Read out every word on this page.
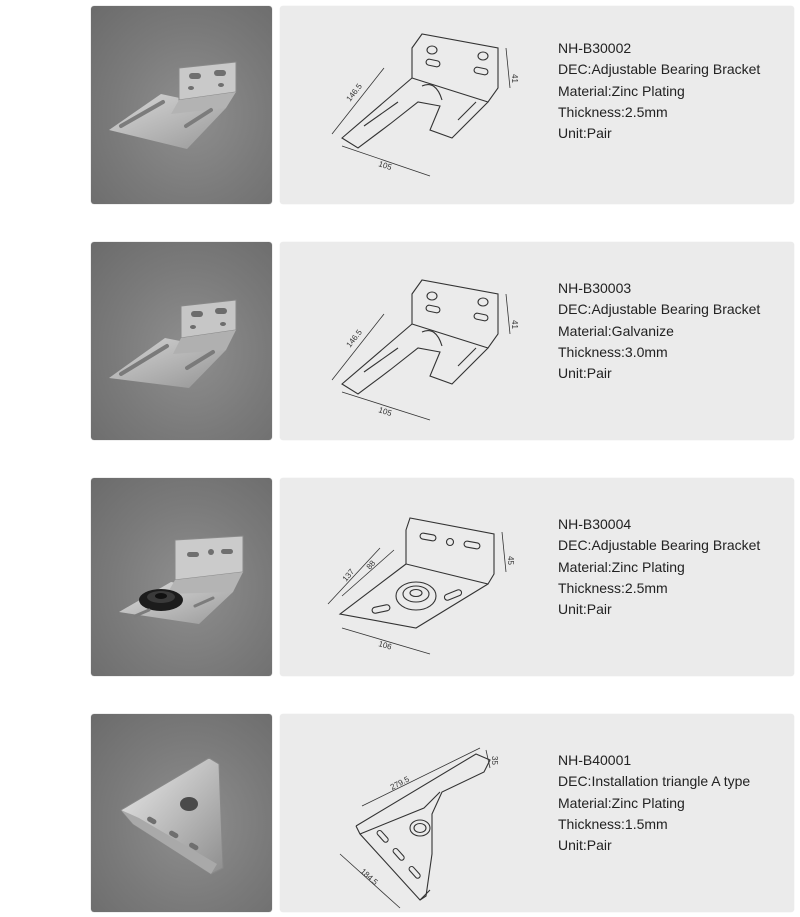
146.5
105
41
NH-B30002
DEC:Adjustable Bearing Bracket
Material:Zinc Plating
Thickness:2.5mm
Unit:Pair
146.5
105
41
NH-B30003
DEC:Adjustable Bearing Bracket
Material:Galvanize
Thickness:3.0mm
Unit:Pair
137
88
106
45
NH-B30004
DEC:Adjustable Bearing Bracket
Material:Zinc Plating
Thickness:2.5mm
Unit:Pair
279.5
184.5
35	NH-B40001
DEC:Installation triangle A type
Material:Zinc Plating
Thickness:1.5mm
Unit:Pair
